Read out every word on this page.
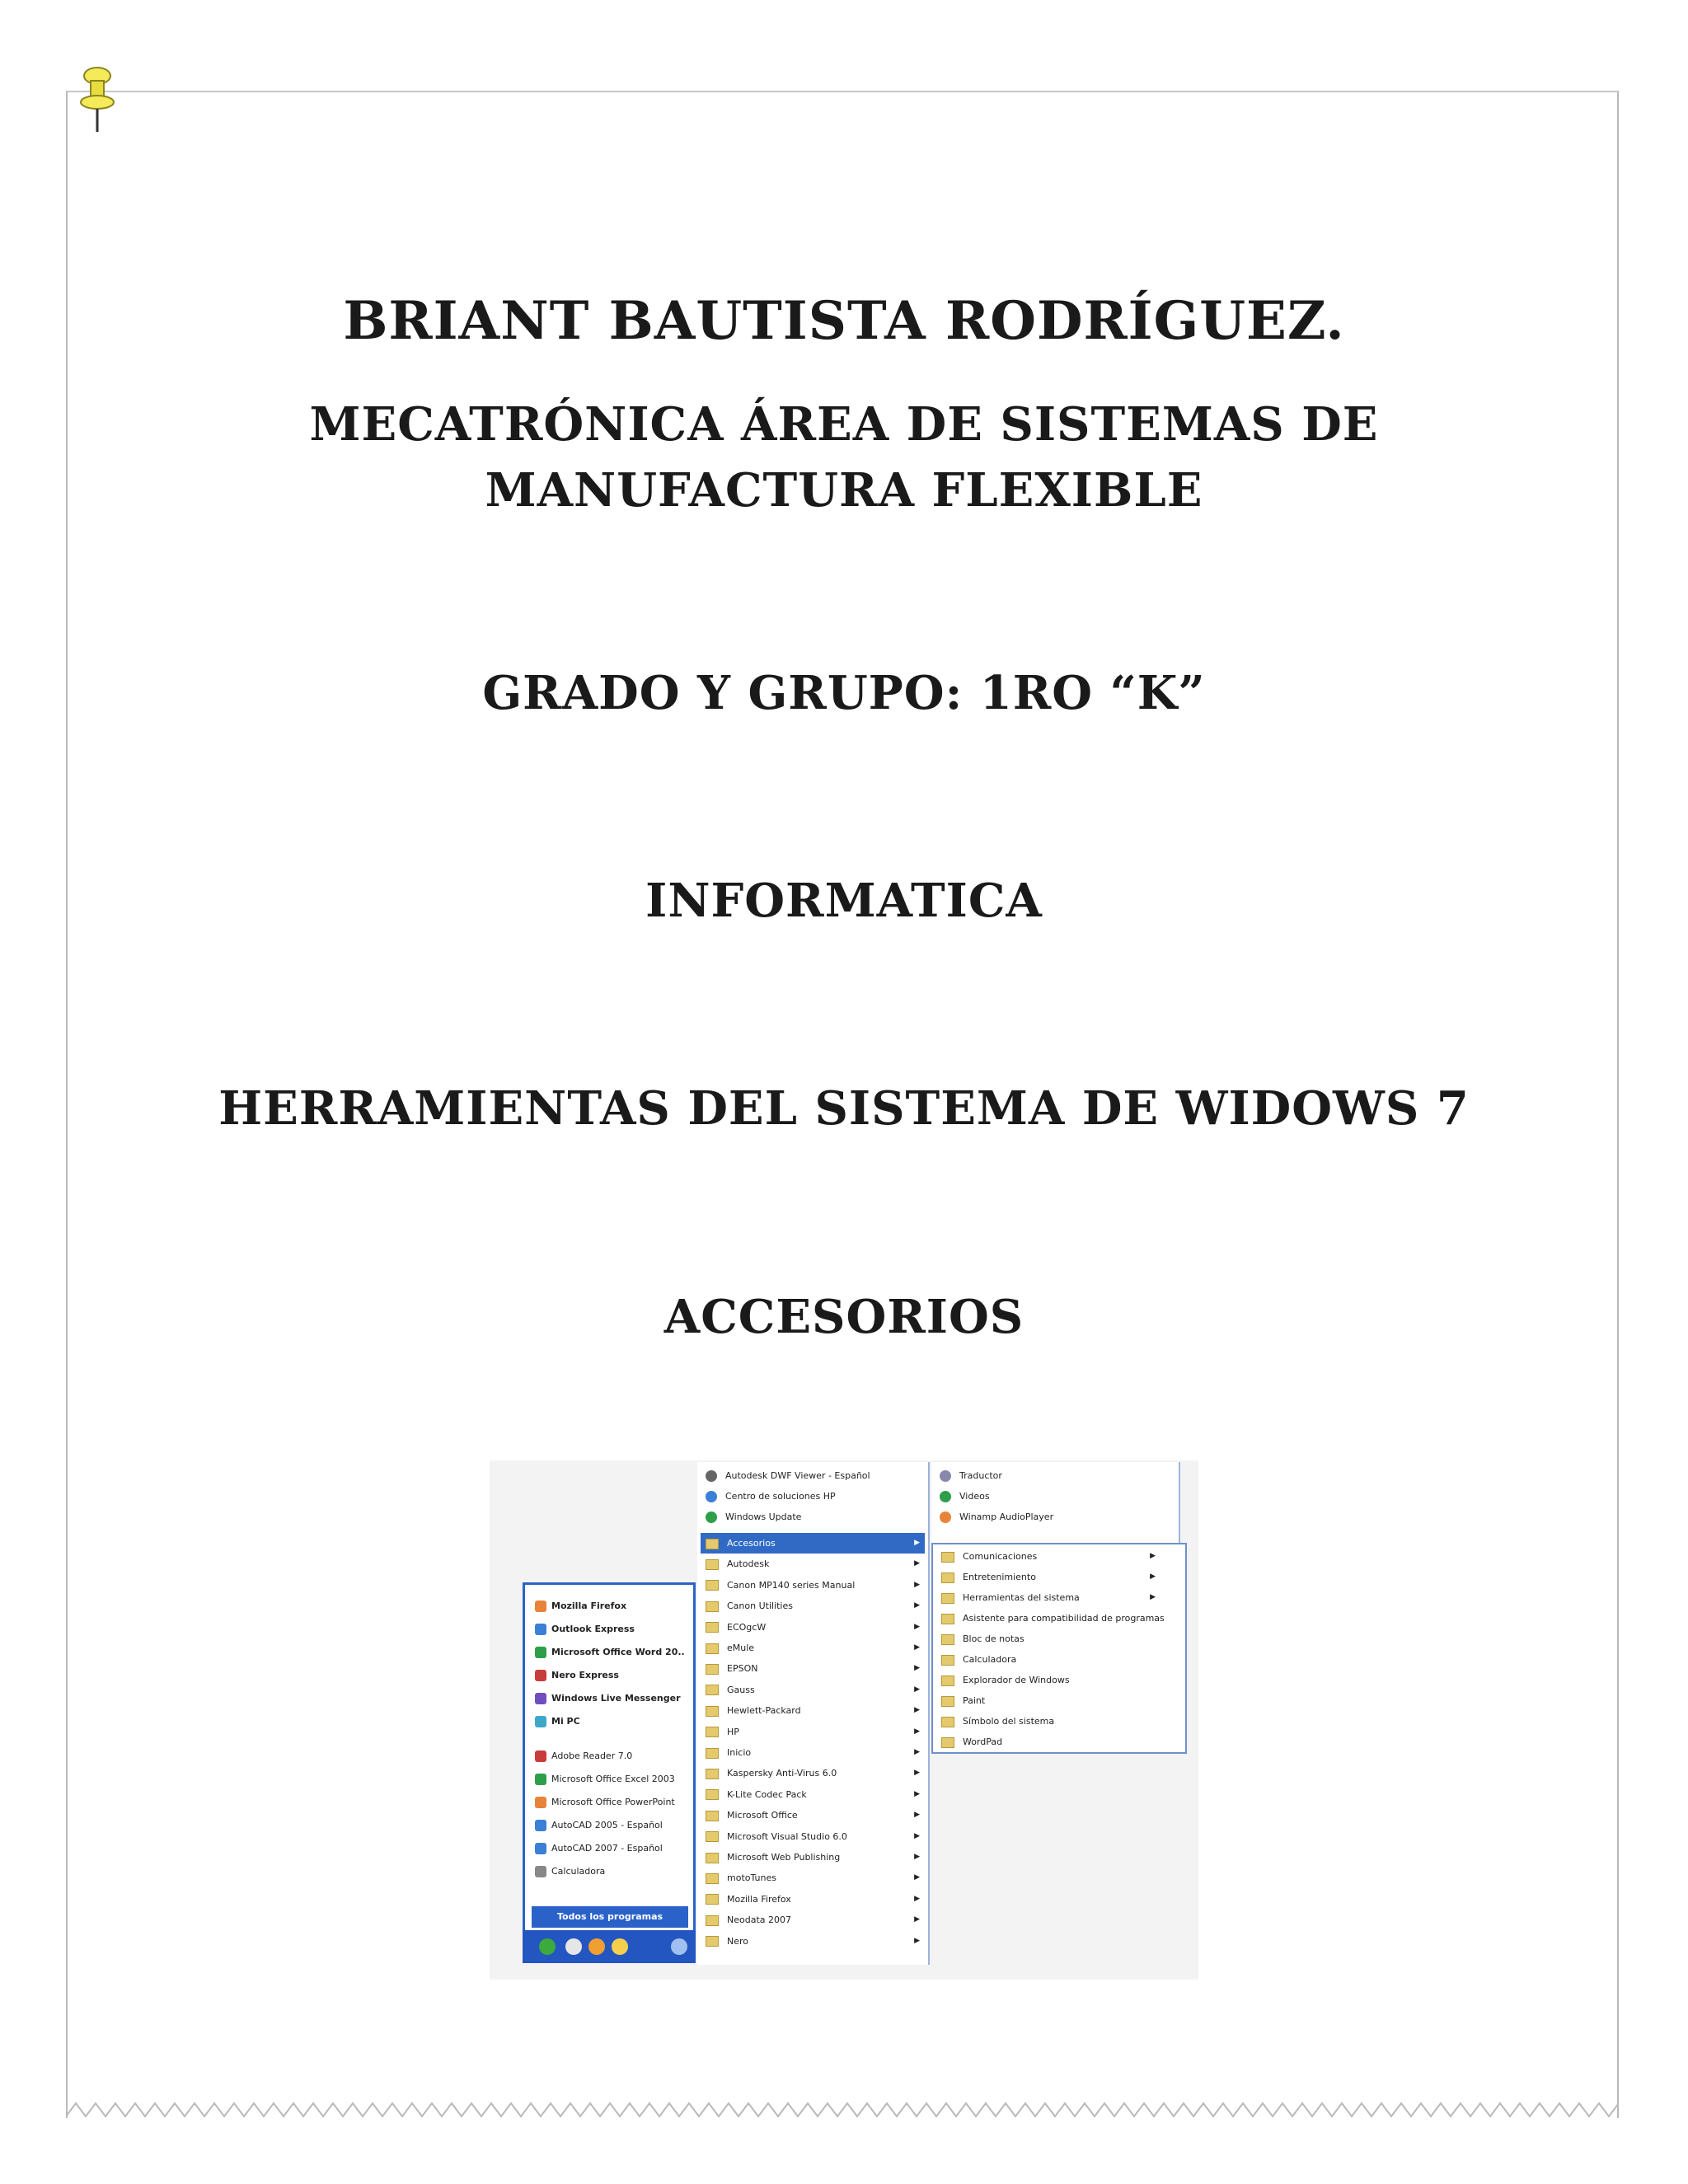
BRIANT BAUTISTA RODRÍGUEZ.
MECATRÓNICA ÁREA DE SISTEMAS DE
MANUFACTURA FLEXIBLE
GRADO Y GRUPO: 1RO “K”
INFORMATICA
HERRAMIENTAS DEL SISTEMA DE WIDOWS 7
ACCESORIOS
Mozilla Firefox
Outlook Express
Microsoft Office Word 20..
Nero Express
Windows Live Messenger
Mi PC
Adobe Reader 7.0
Microsoft Office Excel 2003
Microsoft Office PowerPoint
AutoCAD 2005 - Español
AutoCAD 2007 - Español
Calculadora
Todos los programas
Autodesk DWF Viewer - Español
Centro de soluciones HP
Windows Update
Accesorios	▶
Autodesk	▶
Canon MP140 series Manual	▶
Canon Utilities	▶
ECOgcW	▶
eMule	▶
EPSON	▶
Gauss	▶
Hewlett-Packard	▶
HP	▶
Inicio	▶
Kaspersky Anti-Virus 6.0	▶
K-Lite Codec Pack	▶
Microsoft Office	▶
Microsoft Visual Studio 6.0	▶
Microsoft Web Publishing	▶
motoTunes	▶
Mozilla Firefox	▶
Neodata 2007	▶
Nero	▶
Traductor
Videos
Winamp AudioPlayer
Comunicaciones	▶
Entretenimiento	▶
Herramientas del sistema	▶
Asistente para compatibilidad de programas
Bloc de notas
Calculadora
Explorador de Windows
Paint
Símbolo del sistema
WordPad
